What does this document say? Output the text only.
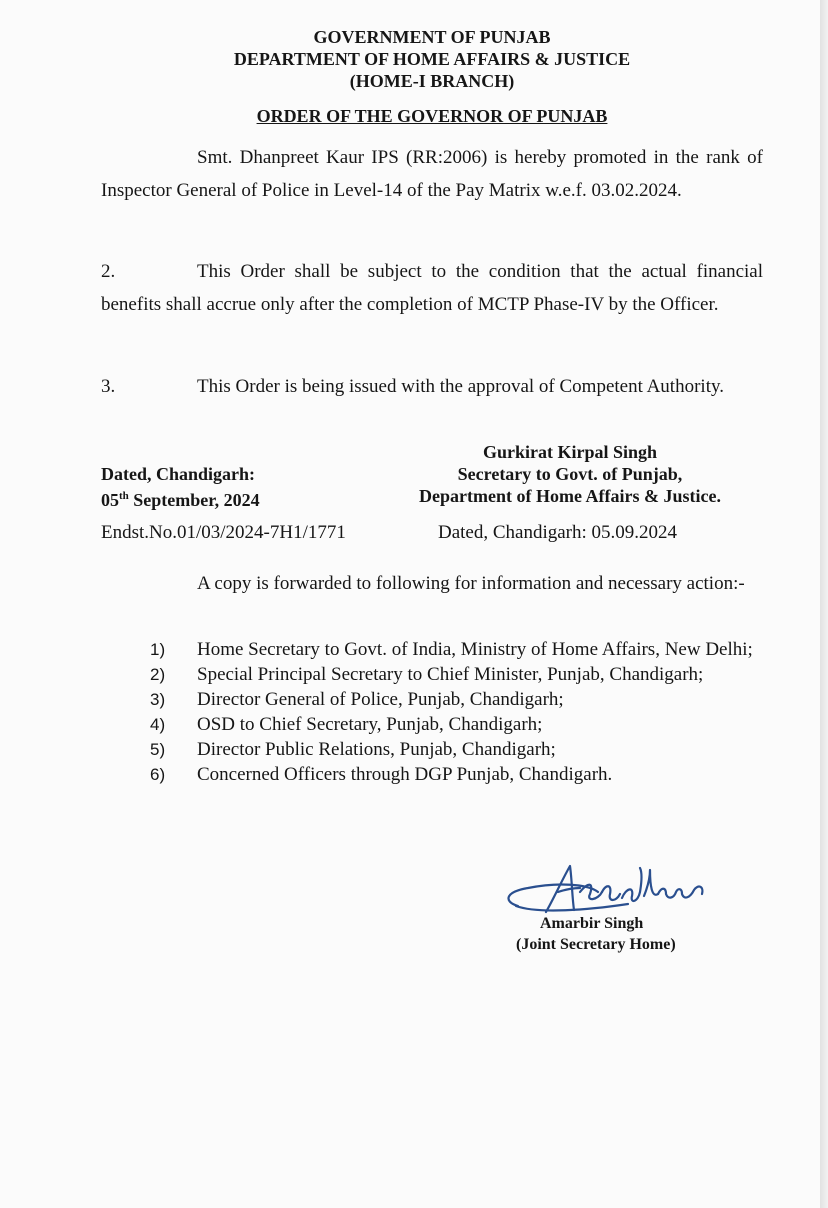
GOVERNMENT OF PUNJAB
DEPARTMENT OF HOME AFFAIRS & JUSTICE
(HOME-I BRANCH)
ORDER OF THE GOVERNOR OF PUNJAB
Smt. Dhanpreet Kaur IPS (RR:2006) is hereby promoted in the rank of Inspector General of Police in Level-14 of the Pay Matrix w.e.f. 03.02.2024.
2.	This Order shall be subject to the condition that the actual financial benefits shall accrue only after the completion of MCTP Phase-IV by the Officer.
3.	This Order is being issued with the approval of Competent Authority.
Gurkirat Kirpal Singh
Secretary to Govt. of Punjab,
Department of Home Affairs & Justice.
Dated, Chandigarh:
05th September, 2024
Endst.No.01/03/2024-7H1/1771	Dated, Chandigarh: 05.09.2024
A copy is forwarded to following for information and necessary action:-
1)	Home Secretary to Govt. of India, Ministry of Home Affairs, New Delhi;
2)	Special Principal Secretary to Chief Minister, Punjab, Chandigarh;
3)	Director General of Police, Punjab, Chandigarh;
4)	OSD to Chief Secretary, Punjab, Chandigarh;
5)	Director Public Relations, Punjab, Chandigarh;
6)	Concerned Officers through DGP Punjab, Chandigarh.
Amarbir Singh
(Joint Secretary Home)
